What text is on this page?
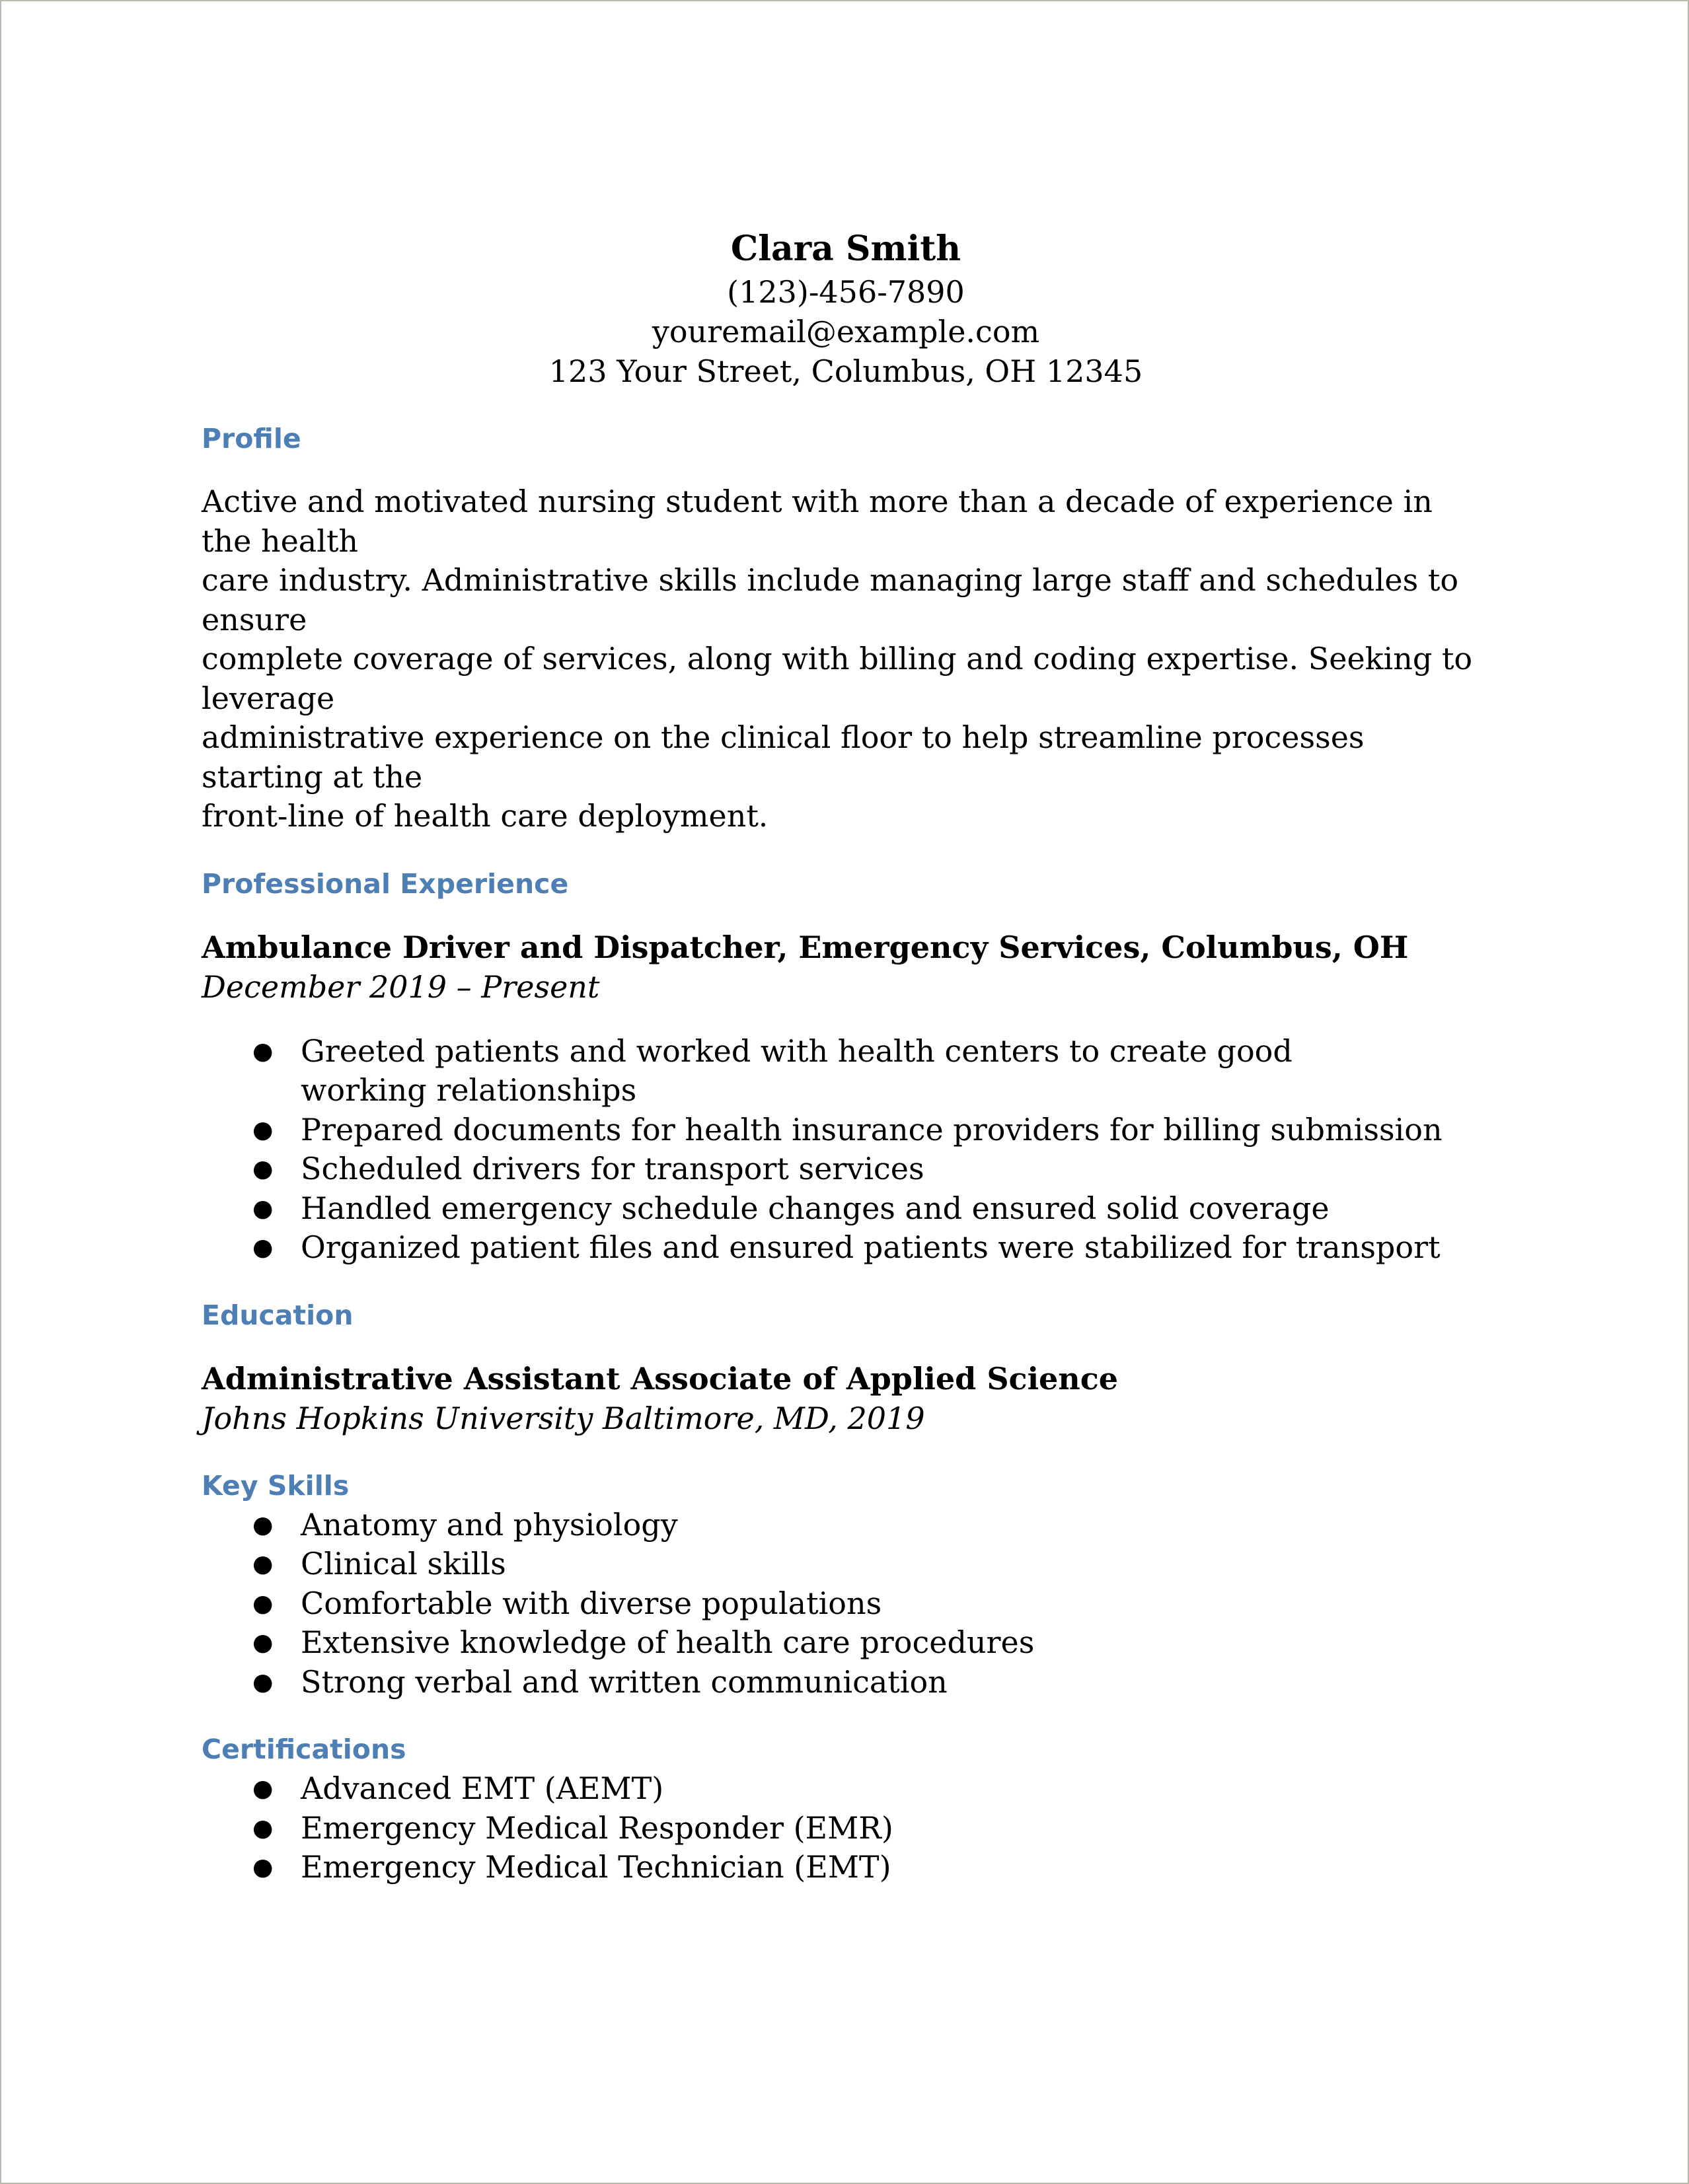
Clara Smith
(123)-456-7890
youremail@example.com
123 Your Street, Columbus, OH 12345
Profile
Active and motivated nursing student with more than a decade of experience in the health
care industry. Administrative skills include managing large staff and schedules to ensure
complete coverage of services, along with billing and coding expertise. Seeking to leverage
administrative experience on the clinical floor to help streamline processes starting at the
front-line of health care deployment.
Professional Experience
Ambulance Driver and Dispatcher, Emergency Services, Columbus, OH
December 2019 – Present
● Greeted patients and worked with health centers to create good working relationships
● Prepared documents for health insurance providers for billing submission
● Scheduled drivers for transport services
● Handled emergency schedule changes and ensured solid coverage
● Organized patient files and ensured patients were stabilized for transport
Education
Administrative Assistant Associate of Applied Science
Johns Hopkins University Baltimore, MD, 2019
Key Skills
● Anatomy and physiology
● Clinical skills
● Comfortable with diverse populations
● Extensive knowledge of health care procedures
● Strong verbal and written communication
Certifications
● Advanced EMT (AEMT)
● Emergency Medical Responder (EMR)
● Emergency Medical Technician (EMT)
